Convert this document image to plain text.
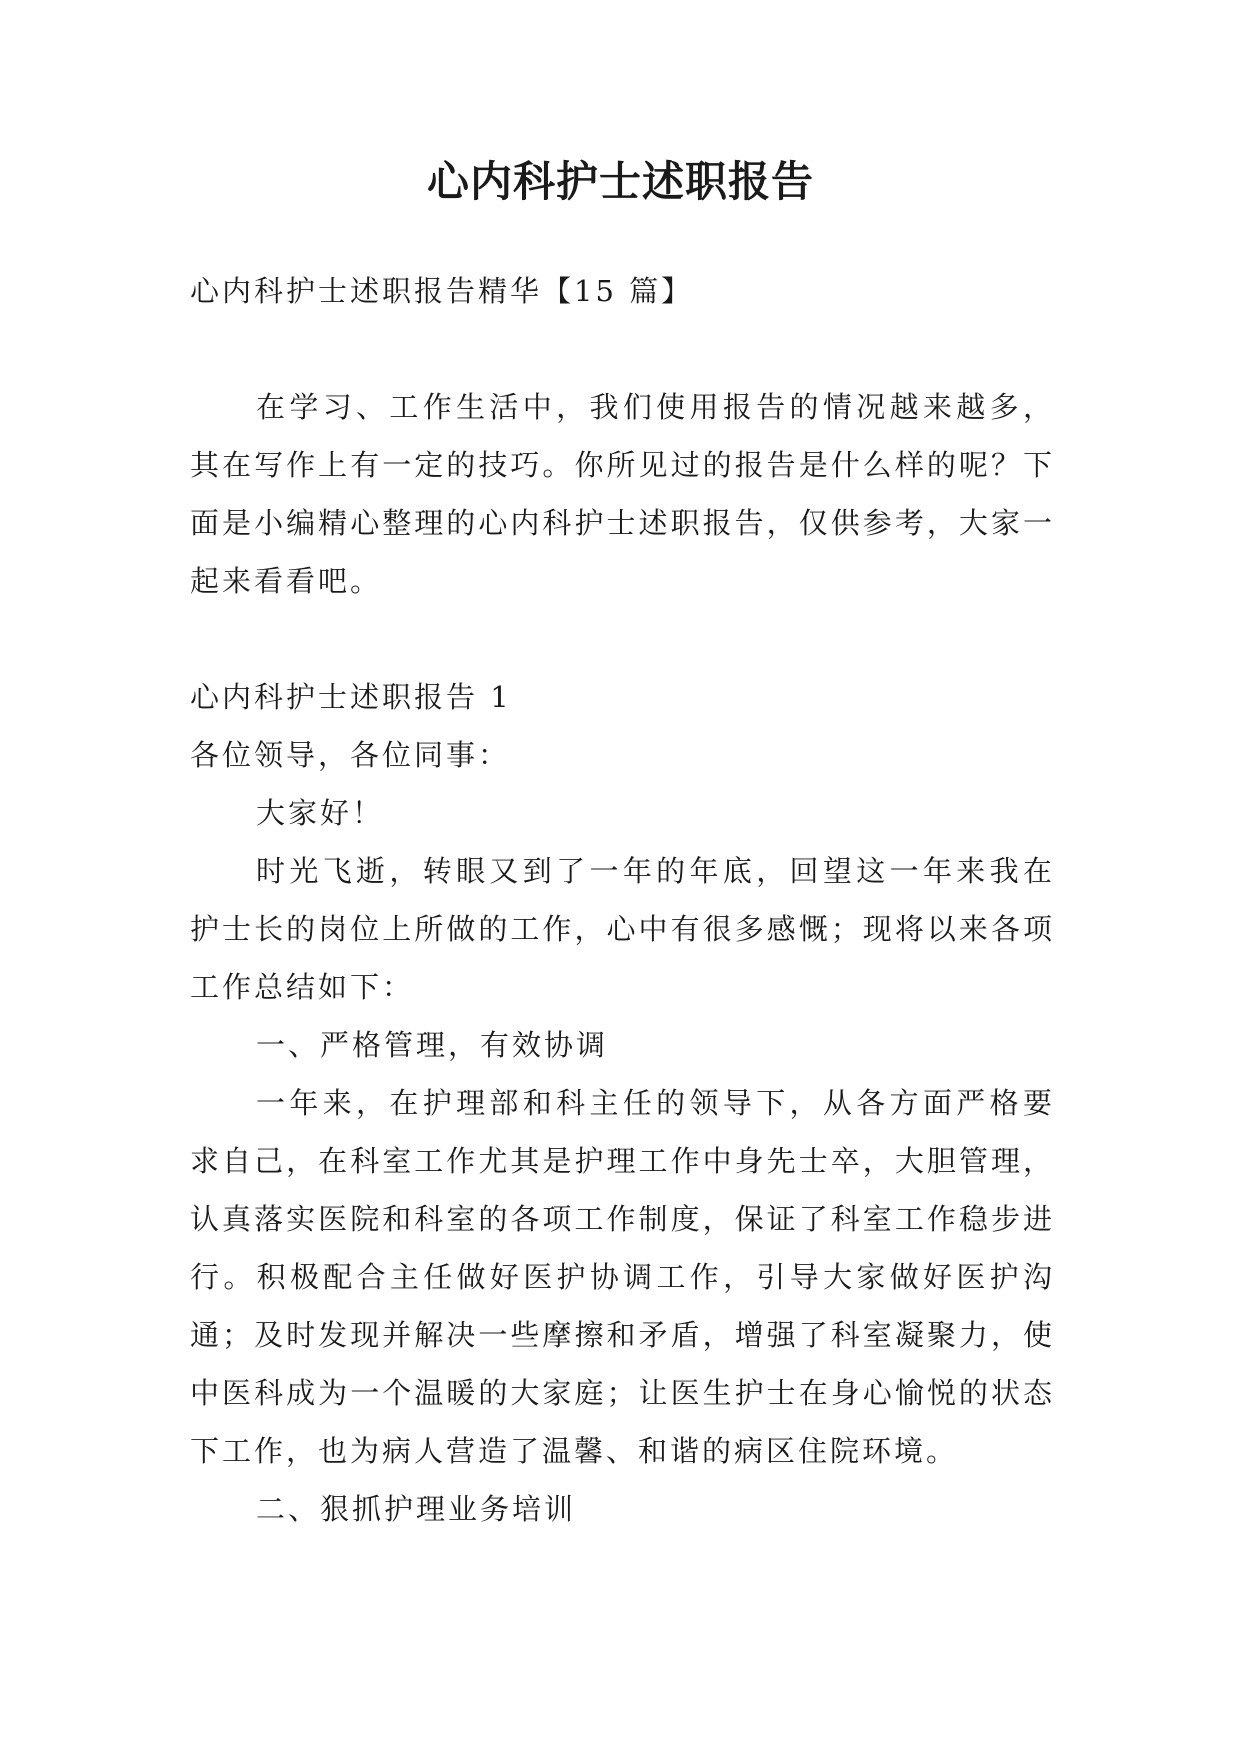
心内科护士述职报告

心内科护士述职报告精华【15 篇】

在学习、工作生活中，我们使用报告的情况越来越多，其在写作上有一定的技巧。你所见过的报告是什么样的呢？下面是小编精心整理的心内科护士述职报告，仅供参考，大家一起来看看吧。

心内科护士述职报告 1

各位领导，各位同事：

大家好！

时光飞逝，转眼又到了一年的年底，回望这一年来我在护士长的岗位上所做的工作，心中有很多感慨；现将以来各项工作总结如下：

一、严格管理，有效协调

一年来，在护理部和科主任的领导下，从各方面严格要求自己，在科室工作尤其是护理工作中身先士卒，大胆管理，认真落实医院和科室的各项工作制度，保证了科室工作稳步进行。积极配合主任做好医护协调工作，引导大家做好医护沟通；及时发现并解决一些摩擦和矛盾，增强了科室凝聚力，使中医科成为一个温暖的大家庭；让医生护士在身心愉悦的状态下工作，也为病人营造了温馨、和谐的病区住院环境。

二、狠抓护理业务培训
